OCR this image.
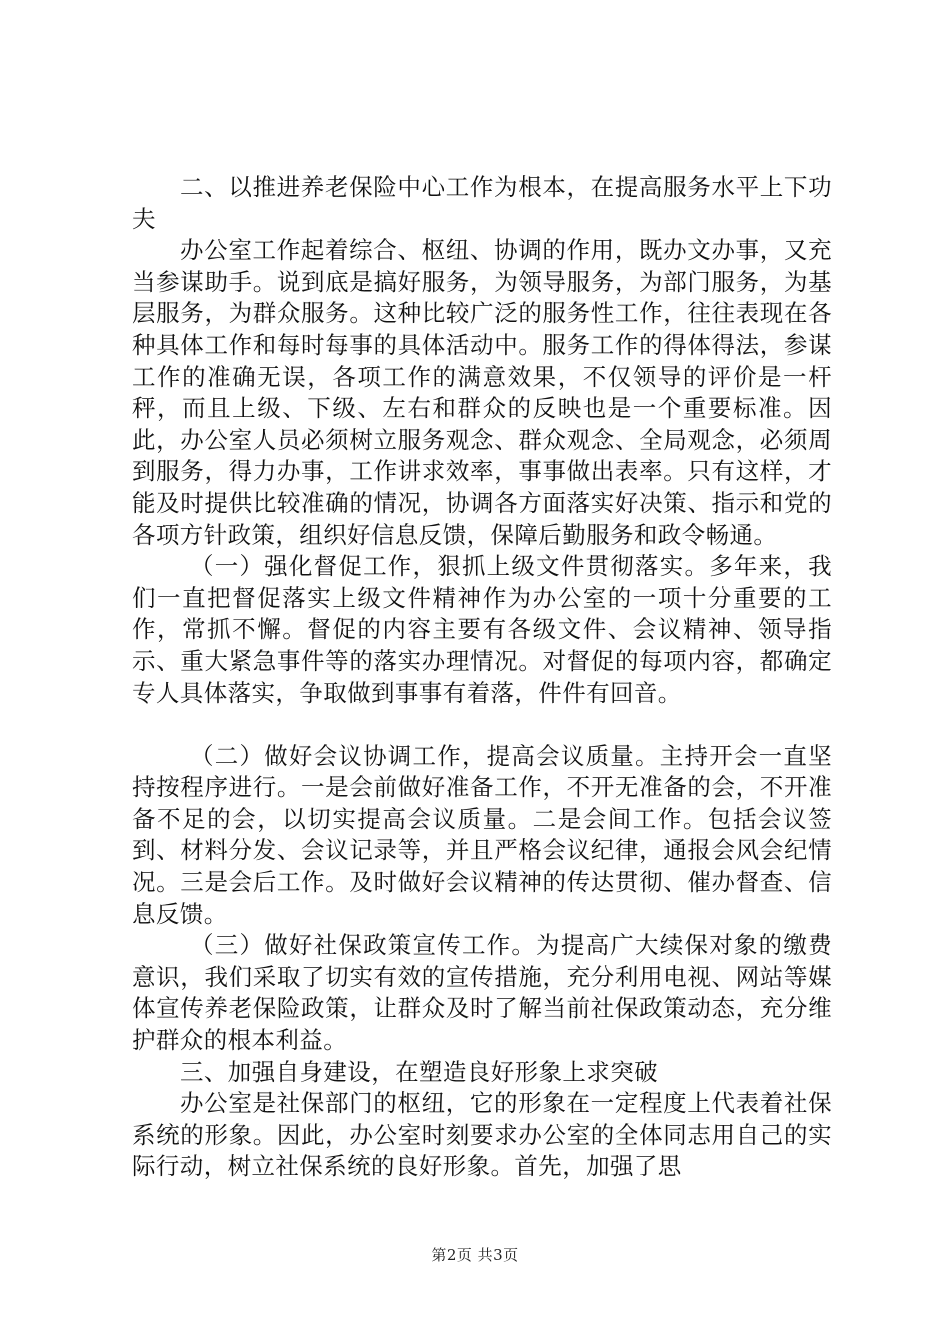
二、以推进养老保险中心工作为根本，在提高服务水平上下功夫

办公室工作起着综合、枢纽、协调的作用，既办文办事，又充当参谋助手。说到底是搞好服务，为领导服务，为部门服务，为基层服务，为群众服务。这种比较广泛的服务性工作，往往表现在各种具体工作和每时每事的具体活动中。服务工作的得体得法，参谋工作的准确无误，各项工作的满意效果，不仅领导的评价是一杆秤，而且上级、下级、左右和群众的反映也是一个重要标准。因此，办公室人员必须树立服务观念、群众观念、全局观念，必须周到服务，得力办事，工作讲求效率，事事做出表率。只有这样，才能及时提供比较准确的情况，协调各方面落实好决策、指示和党的各项方针政策，组织好信息反馈，保障后勤服务和政令畅通。

（一）强化督促工作，狠抓上级文件贯彻落实。多年来，我们一直把督促落实上级文件精神作为办公室的一项十分重要的工作，常抓不懈。督促的内容主要有各级文件、会议精神、领导指示、重大紧急事件等的落实办理情况。对督促的每项内容，都确定专人具体落实，争取做到事事有着落，件件有回音。

（二）做好会议协调工作，提高会议质量。主持开会一直坚持按程序进行。一是会前做好准备工作，不开无准备的会，不开准备不足的会，以切实提高会议质量。二是会间工作。包括会议签到、材料分发、会议记录等，并且严格会议纪律，通报会风会纪情况。三是会后工作。及时做好会议精神的传达贯彻、催办督查、信息反馈。

（三）做好社保政策宣传工作。为提高广大续保对象的缴费意识，我们采取了切实有效的宣传措施，充分利用电视、网站等媒体宣传养老保险政策，让群众及时了解当前社保政策动态，充分维护群众的根本利益。

三、加强自身建设，在塑造良好形象上求突破

办公室是社保部门的枢纽，它的形象在一定程度上代表着社保系统的形象。因此，办公室时刻要求办公室的全体同志用自己的实际行动，树立社保系统的良好形象。首先，加强了思

第2页 共3页
